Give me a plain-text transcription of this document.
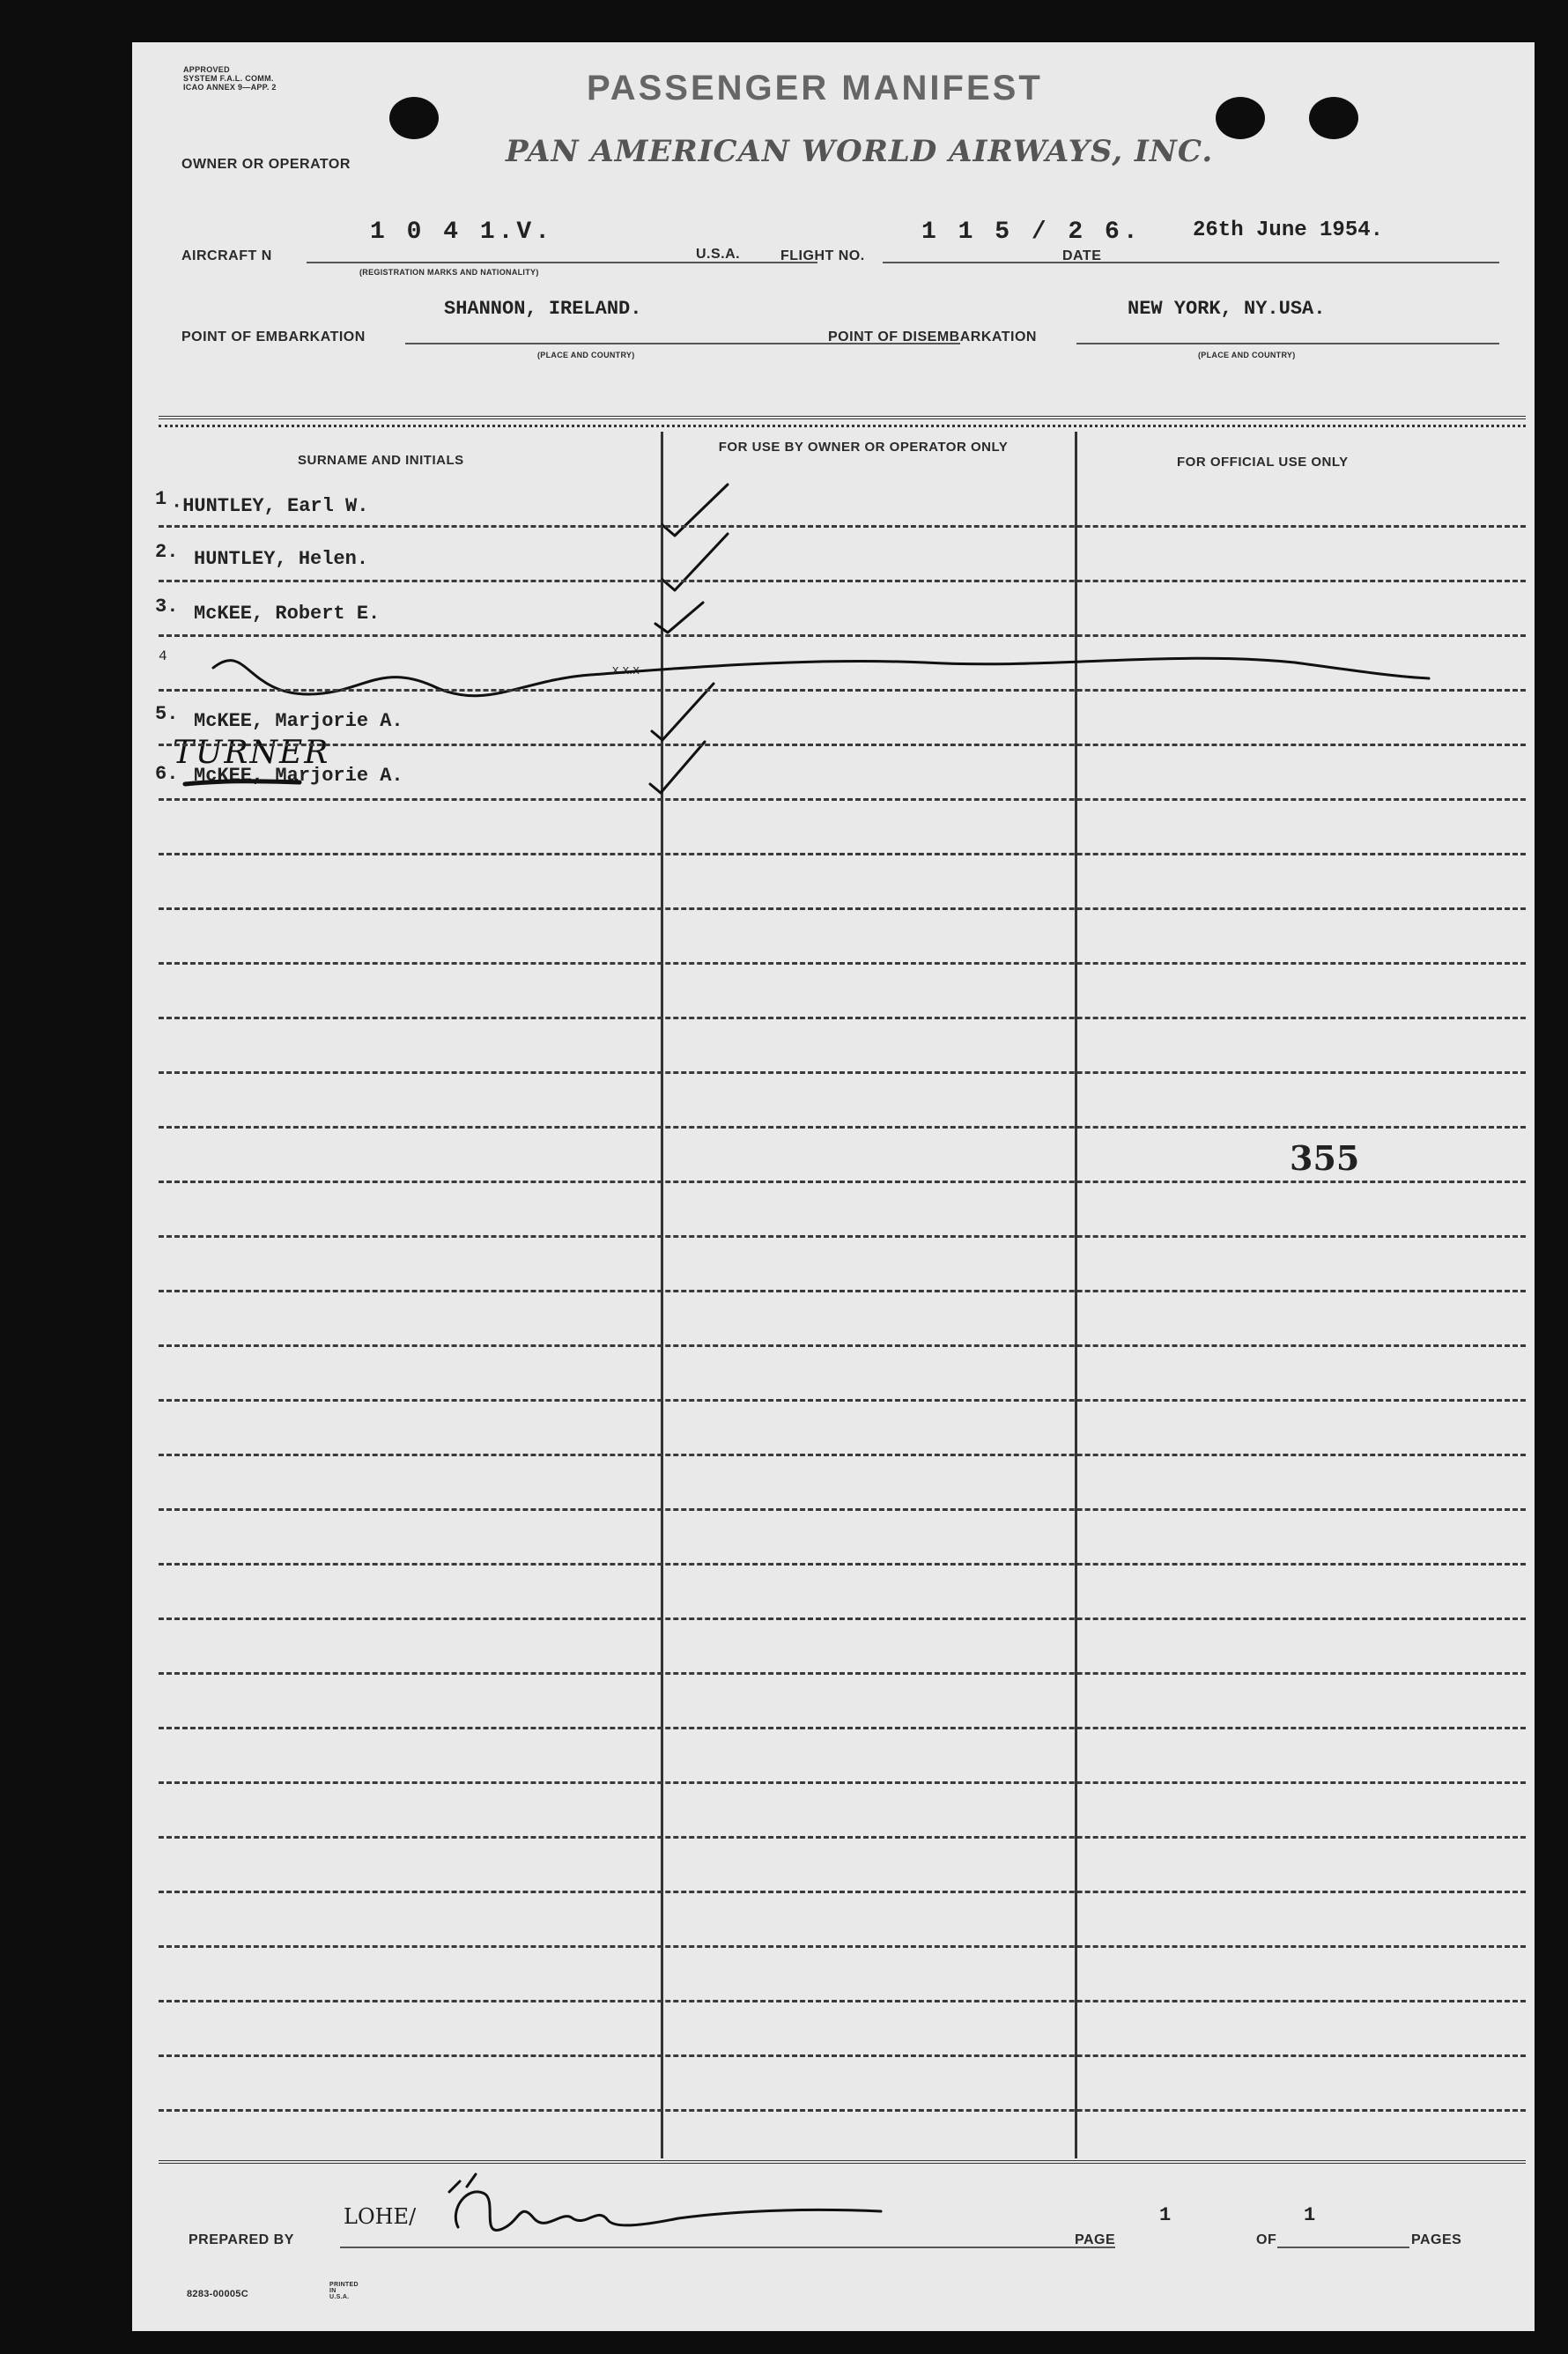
APPROVED
SYSTEM F.A.L. COMM.
ICAO ANNEX 9—APP. 2	PASSENGER MANIFEST
OWNER OR OPERATOR	PAN AMERICAN WORLD AIRWAYS, INC.
AIRCRAFT N
1 0 4 1.V.
(REGISTRATION MARKS AND NATIONALITY)
U.S.A.	FLIGHT NO.
1 1 5 / 2 6.
DATE
26th June 1954.
SHANNON, IRELAND.
POINT OF EMBARKATION
(PLACE AND COUNTRY)
POINT OF DISEMBARKATION
NEW YORK, NY.USA.
(PLACE AND COUNTRY)
SURNAME AND INITIALS
FOR USE BY OWNER OR OPERATOR ONLY
FOR OFFICIAL USE ONLY
1 ·HUNTLEY, Earl W.
2. HUNTLEY, Helen.
3. McKEE, Robert E.
4
x.x.x
5. McKEE, Marjorie A.
6. McKEE, Marjorie A.
TURNER
355
LOHE/
PREPARED BY
1
PAGE	OF
1
PAGES
8283-00005C
PRINTED IN U.S.A.
